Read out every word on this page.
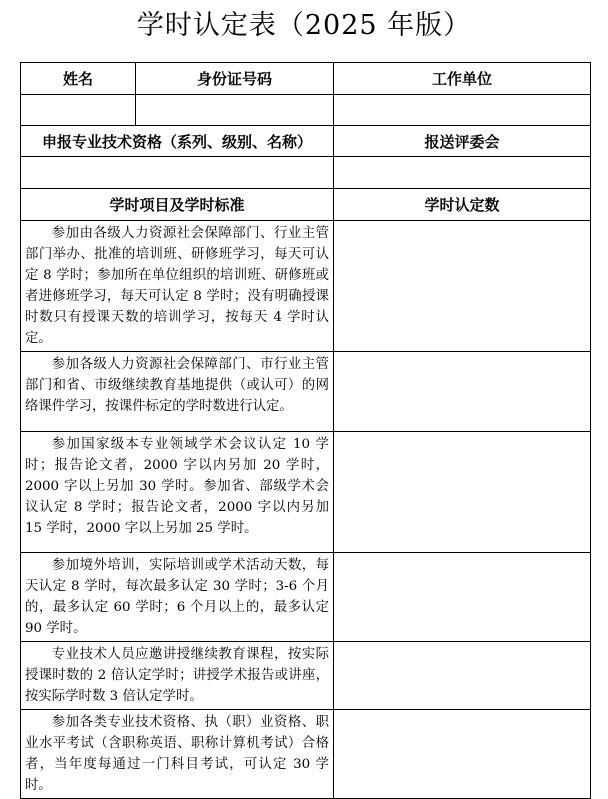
学时认定表（2025 年版）
姓名	身份证号码	工作单位

申报专业技术资格（系列、级别、名称）		报送评委会

学时项目及学时标准		学时认定数
参加由各级人力资源社会保障部门、行业主管部门举办、批准的培训班、研修班学习，每天可认定 8 学时；参加所在单位组织的培训班、研修班或者进修班学习，每天可认定 8 学时；没有明确授课时数只有授课天数的培训学习，按每天 4 学时认定。		
参加各级人力资源社会保障部门、市行业主管部门和省、市级继续教育基地提供（或认可）的网络课件学习，按课件标定的学时数进行认定。		
参加国家级本专业领域学术会议认定 10 学时；报告论文者，2000 字以内另加 20 学时，2000 字以上另加 30 学时。参加省、部级学术会议认定 8 学时；报告论文者，2000 字以内另加 15 学时，2000 字以上另加 25 学时。		
参加境外培训，实际培训或学术活动天数，每天认定 8 学时，每次最多认定 30 学时；3-6 个月的，最多认定 60 学时；6 个月以上的，最多认定 90 学时。		
专业技术人员应邀讲授继续教育课程，按实际授课时数的 2 倍认定学时；讲授学术报告或讲座，按实际学时数 3 倍认定学时。		
参加各类专业技术资格、执（职）业资格、职业水平考试（含职称英语、职称计算机考试）合格者，当年度每通过一门科目考试，可认定 30 学时。		
